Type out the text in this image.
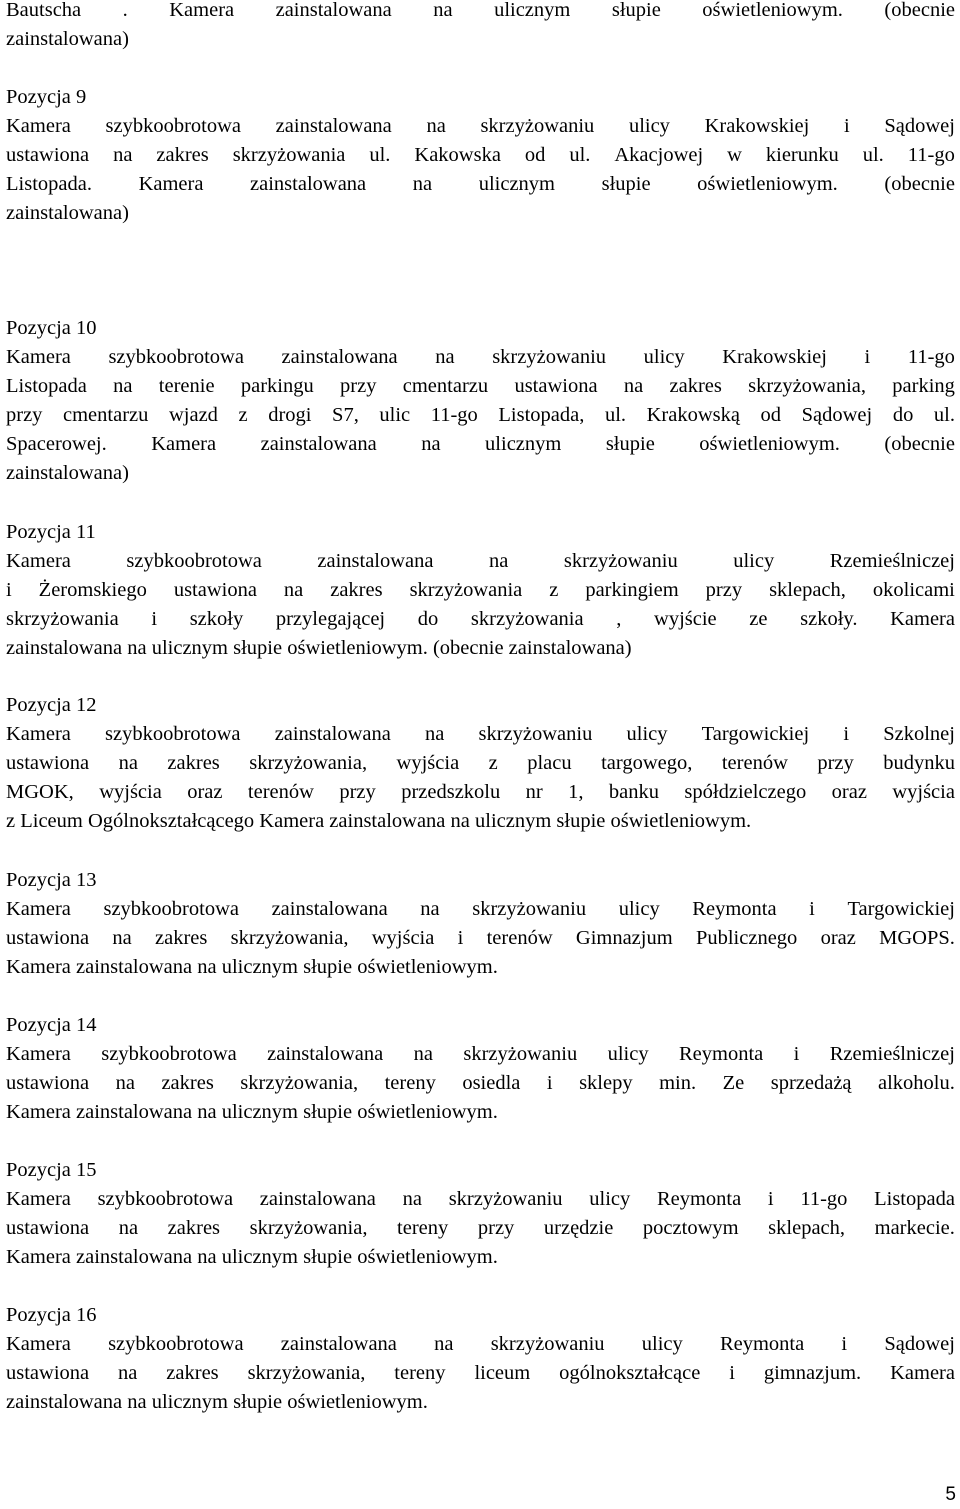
Bautscha . Kamera zainstalowana na ulicznym słupie oświetleniowym. (obecnie
zainstalowana)
Pozycja 9
Kamera szybkoobrotowa zainstalowana na skrzyżowaniu ulicy Krakowskiej i Sądowej
ustawiona na zakres skrzyżowania ul. Kakowska od ul. Akacjowej w kierunku ul. 11-go
Listopada. Kamera zainstalowana na ulicznym słupie oświetleniowym. (obecnie
zainstalowana)
Pozycja 10
Kamera szybkoobrotowa zainstalowana na skrzyżowaniu ulicy Krakowskiej i 11-go
Listopada na terenie parkingu przy cmentarzu ustawiona na zakres skrzyżowania, parking
przy cmentarzu wjazd z drogi S7, ulic 11-go Listopada, ul. Krakowską od Sądowej do ul.
Spacerowej. Kamera zainstalowana na ulicznym słupie oświetleniowym. (obecnie
zainstalowana)
Pozycja 11
Kamera	szybkoobrotowa	zainstalowana	na	skrzyżowaniu	ulicy	Rzemieślniczej
i Żeromskiego ustawiona na zakres skrzyżowania z parkingiem przy sklepach, okolicami
skrzyżowania i szkoły przylegającej do skrzyżowania , wyjście ze szkoły. Kamera
zainstalowana na ulicznym słupie oświetleniowym. (obecnie zainstalowana)
Pozycja 12
Kamera szybkoobrotowa zainstalowana na skrzyżowaniu ulicy Targowickiej i Szkolnej
ustawiona na zakres skrzyżowania, wyjścia z placu targowego, terenów przy budynku
MGOK, wyjścia oraz terenów przy przedszkolu nr 1, banku spółdzielczego oraz wyjścia
z Liceum Ogólnokształcącego Kamera zainstalowana na ulicznym słupie oświetleniowym.
Pozycja 13
Kamera szybkoobrotowa zainstalowana na skrzyżowaniu ulicy Reymonta i Targowickiej
ustawiona na zakres skrzyżowania, wyjścia i terenów Gimnazjum Publicznego oraz MGOPS.
Kamera zainstalowana na ulicznym słupie oświetleniowym.
Pozycja 14
Kamera szybkoobrotowa zainstalowana na skrzyżowaniu ulicy Reymonta i Rzemieślniczej
ustawiona na zakres skrzyżowania, tereny osiedla i sklepy min. Ze sprzedażą alkoholu.
Kamera zainstalowana na ulicznym słupie oświetleniowym.
Pozycja 15
Kamera szybkoobrotowa zainstalowana na skrzyżowaniu ulicy Reymonta i 11-go Listopada
ustawiona na zakres skrzyżowania, tereny przy urzędzie pocztowym sklepach, markecie.
Kamera zainstalowana na ulicznym słupie oświetleniowym.
Pozycja 16
Kamera szybkoobrotowa zainstalowana na skrzyżowaniu ulicy Reymonta i Sądowej
ustawiona na zakres skrzyżowania, tereny liceum ogólnokształcące i gimnazjum. Kamera
zainstalowana na ulicznym słupie oświetleniowym.
5
